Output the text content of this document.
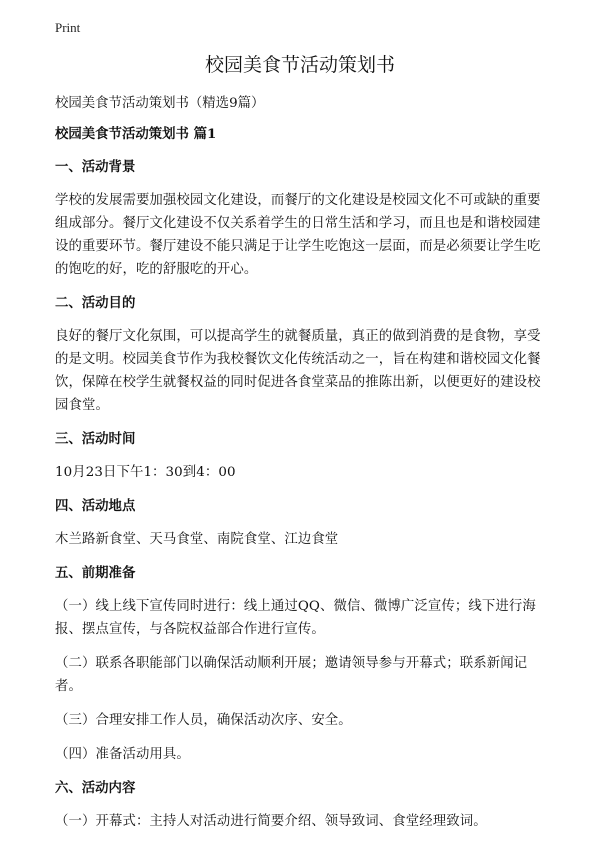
Print
校园美食节活动策划书
校园美食节活动策划书（精选9篇）
校园美食节活动策划书 篇1
一、活动背景
学校的发展需要加强校园文化建设，而餐厅的文化建设是校园文化不可或缺的重要组成部分。餐厅文化建设不仅关系着学生的日常生活和学习，而且也是和谐校园建设的重要环节。餐厅建设不能只满足于让学生吃饱这一层面，而是必须要让学生吃的饱吃的好，吃的舒服吃的开心。
二、活动目的
良好的餐厅文化氛围，可以提高学生的就餐质量，真正的做到消费的是食物，享受的是文明。校园美食节作为我校餐饮文化传统活动之一，旨在构建和谐校园文化餐饮，保障在校学生就餐权益的同时促进各食堂菜品的推陈出新，以便更好的建设校园食堂。
三、活动时间
10月23日下午1：30到4：00
四、活动地点
木兰路新食堂、天马食堂、南院食堂、江边食堂
五、前期准备
（一）线上线下宣传同时进行：线上通过QQ、微信、微博广泛宣传；线下进行海报、摆点宣传，与各院权益部合作进行宣传。
（二）联系各职能部门以确保活动顺利开展；邀请领导参与开幕式；联系新闻记者。
（三）合理安排工作人员，确保活动次序、安全。
（四）准备活动用具。
六、活动内容
（一）开幕式：主持人对活动进行简要介绍、领导致词、食堂经理致词。
